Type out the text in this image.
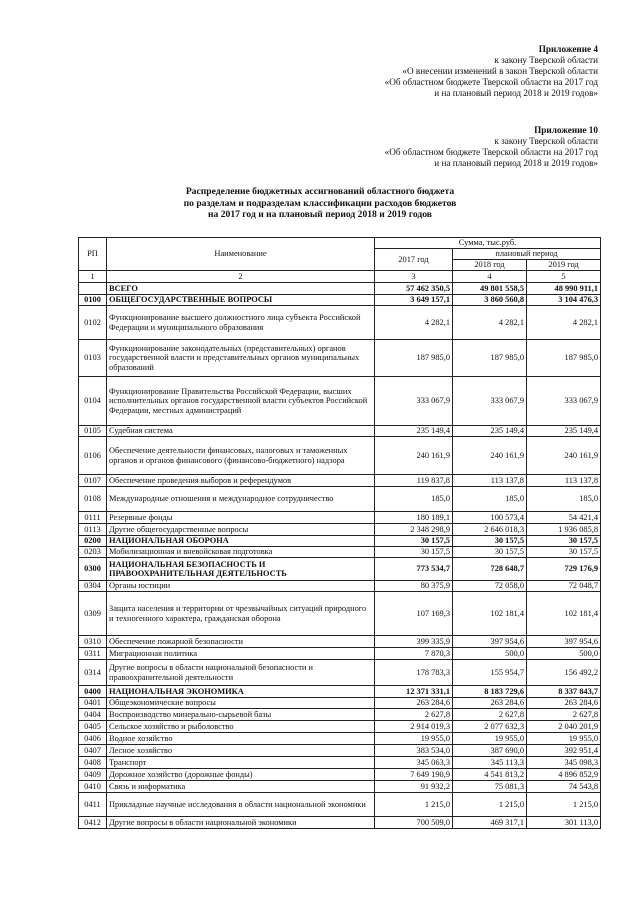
Приложение 4
к закону Тверской области
«О внесении изменений в закон Тверской области
«Об областном бюджете Тверской области на 2017 год
и на плановый период 2018 и 2019 годов»
Приложение 10
к закону Тверской области
«Об областном бюджете Тверской области на 2017 год
и на плановый период 2018 и 2019 годов»
Распределение бюджетных ассигнований областного бюджета
по разделам и подразделам классификации расходов бюджетов
на 2017 год и на плановый период 2018 и 2019 годов
РП	Наименование	Сумма, тыс.руб.		
		2017 год	плановый период	
			2018 год	2019 год
1	2	3	4	5
	ВСЕГО	57 462 350,5	49 801 558,5	48 990 911,1
0100	ОБЩЕГОСУДАРСТВЕННЫЕ ВОПРОСЫ	3 649 157,1	3 860 560,8	3 104 476,3
0102	Функционирование высшего должностного лица субъекта Российской Федерации и муниципального образования	4 282,1	4 282,1	4 282,1
0103	Функционирование законодательных (представительных) органов государственной власти и представительных органов муниципальных образований	187 985,0	187 985,0	187 985,0
0104	Функционирование Правительства Российской Федерации, высших исполнительных органов государственной власти субъектов Российской Федерации, местных администраций	333 067,9	333 067,9	333 067,9
0105	Судебная система	235 149,4	235 149,4	235 149,4
0106	Обеспечение деятельности финансовых, налоговых и таможенных органов и органов финансового (финансово-бюджетного) надзора	240 161,9	240 161,9	240 161,9
0107	Обеспечение проведения выборов и референдумов	119 837,8	113 137,8	113 137,8
0108	Международные отношения и международное сотрудничество	185,0	185,0	185,0
0111	Резервные фонды	180 189,1	100 573,4	54 421,4
0113	Другие общегосударственные вопросы	2 348 298,9	2 646 018,3	1 936 085,8
0200	НАЦИОНАЛЬНАЯ ОБОРОНА	30 157,5	30 157,5	30 157,5
0203	Мобилизационная и вневойсковая подготовка	30 157,5	30 157,5	30 157,5
0300	НАЦИОНАЛЬНАЯ БЕЗОПАСНОСТЬ И ПРАВООХРАНИТЕЛЬНАЯ ДЕЯТЕЛЬНОСТЬ	773 534,7	728 648,7	729 176,9
0304	Органы юстиции	80 375,9	72 058,0	72 048,7
0309	Защита населения и территории от чрезвычайных ситуаций природного и техногенного характера, гражданская оборона	107 169,3	102 181,4	102 181,4
0310	Обеспечение пожарной безопасности	399 335,9	397 954,6	397 954,6
0311	Миграционная политика	7 870,3	500,0	500,0
0314	Другие вопросы в области национальной безопасности и правоохранительной деятельности	178 783,3	155 954,7	156 492,2
0400	НАЦИОНАЛЬНАЯ ЭКОНОМИКА	12 371 331,1	8 183 729,6	8 337 843,7
0401	Общеэкономические вопросы	263 284,6	263 284,6	263 284,6
0404	Воспроизводство минерально-сырьевой базы	2 627,8	2 627,8	2 627,8
0405	Сельское хозяйство и рыболовство	2 914 019,3	2 077 632,3	2 040 201,9
0406	Водное хозяйство	19 955,0	19 955,0	19 955,0
0407	Лесное хозяйство	383 534,0	387 690,0	392 951,4
0408	Транспорт	345 063,3	345 113,3	345 098,3
0409	Дорожное хозяйство (дорожные фонды)	7 649 190,9	4 541 813,2	4 896 852,9
0410	Связь и информатика	91 932,2	75 081,3	74 543,8
0411	Прикладные научные исследования в области национальной экономики	1 215,0	1 215,0	1 215,0
0412	Другие вопросы в области национальной экономики	700 509,0	469 317,1	301 113,0
